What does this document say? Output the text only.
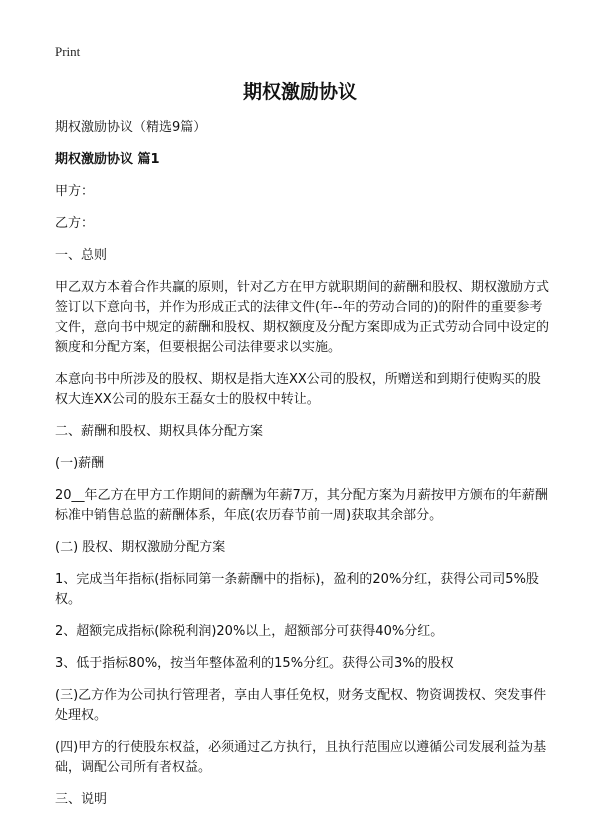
Print
期权激励协议

期权激励协议（精选9篇）

期权激励协议 篇1

甲方：

乙方：

一、总则

甲乙双方本着合作共赢的原则，针对乙方在甲方就职期间的薪酬和股权、期权激励方式签订以下意向书，并作为形成正式的法律文件(年--年的劳动合同的)的附件的重要参考文件，意向书中规定的薪酬和股权、期权额度及分配方案即成为正式劳动合同中设定的额度和分配方案，但要根据公司法律要求以实施。

本意向书中所涉及的股权、期权是指大连XX公司的股权，所赠送和到期行使购买的股权大连XX公司的股东王磊女士的股权中转让。

二、薪酬和股权、期权具体分配方案

(一)薪酬

20__年乙方在甲方工作期间的薪酬为年薪7万，其分配方案为月薪按甲方颁布的年薪酬标准中销售总监的薪酬体系，年底(农历春节前一周)获取其余部分。

(二) 股权、期权激励分配方案

1、完成当年指标(指标同第一条薪酬中的指标)，盈利的20%分红，获得公司司5%股权。

2、超额完成指标(除税利润)20%以上，超额部分可获得40%分红。

3、低于指标80%，按当年整体盈利的15%分红。获得公司3%的股权

(三)乙方作为公司执行管理者，享由人事任免权，财务支配权、物资调拨权、突发事件处理权。

(四)甲方的行使股东权益，必须通过乙方执行，且执行范围应以遵循公司发展利益为基础，调配公司所有者权益。

三、说明
